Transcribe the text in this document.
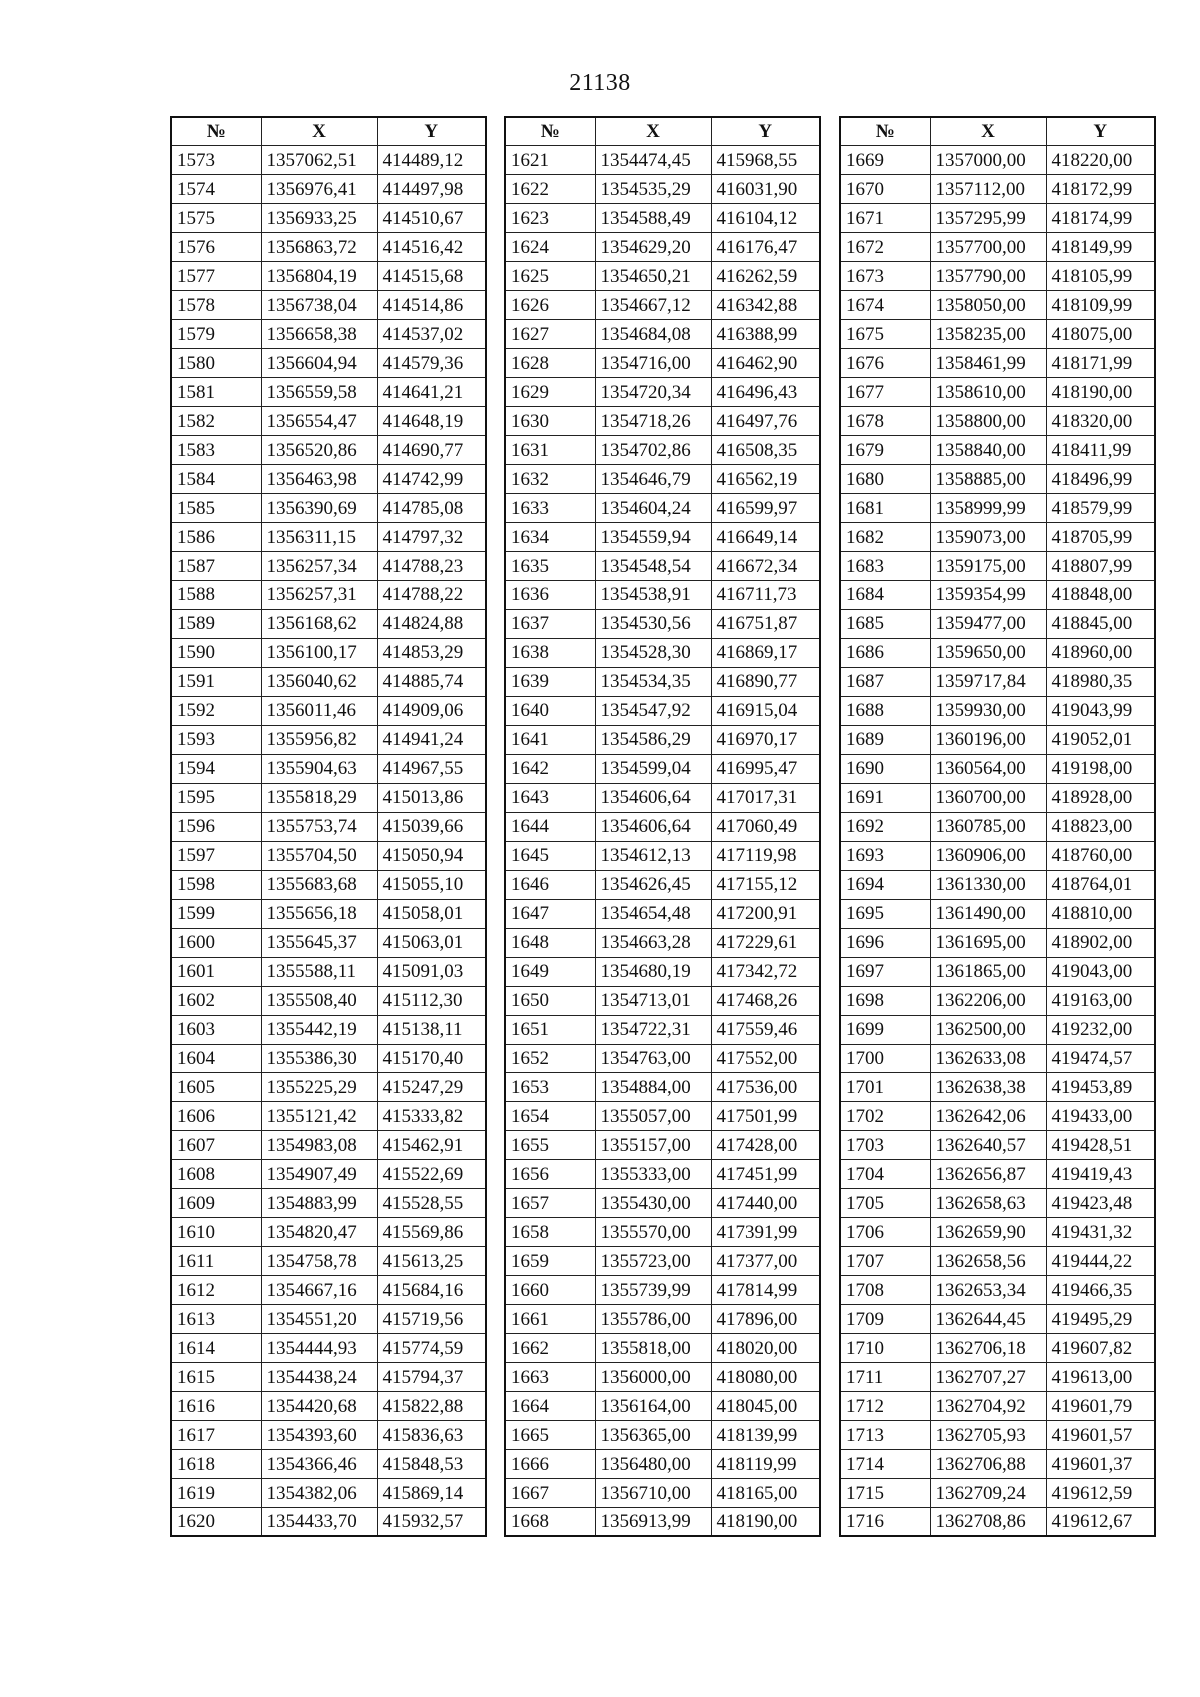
21138
№	X	Y
1573	1357062,51	414489,12
1574	1356976,41	414497,98
1575	1356933,25	414510,67
1576	1356863,72	414516,42
1577	1356804,19	414515,68
1578	1356738,04	414514,86
1579	1356658,38	414537,02
1580	1356604,94	414579,36
1581	1356559,58	414641,21
1582	1356554,47	414648,19
1583	1356520,86	414690,77
1584	1356463,98	414742,99
1585	1356390,69	414785,08
1586	1356311,15	414797,32
1587	1356257,34	414788,23
1588	1356257,31	414788,22
1589	1356168,62	414824,88
1590	1356100,17	414853,29
1591	1356040,62	414885,74
1592	1356011,46	414909,06
1593	1355956,82	414941,24
1594	1355904,63	414967,55
1595	1355818,29	415013,86
1596	1355753,74	415039,66
1597	1355704,50	415050,94
1598	1355683,68	415055,10
1599	1355656,18	415058,01
1600	1355645,37	415063,01
1601	1355588,11	415091,03
1602	1355508,40	415112,30
1603	1355442,19	415138,11
1604	1355386,30	415170,40
1605	1355225,29	415247,29
1606	1355121,42	415333,82
1607	1354983,08	415462,91
1608	1354907,49	415522,69
1609	1354883,99	415528,55
1610	1354820,47	415569,86
1611	1354758,78	415613,25
1612	1354667,16	415684,16
1613	1354551,20	415719,56
1614	1354444,93	415774,59
1615	1354438,24	415794,37
1616	1354420,68	415822,88
1617	1354393,60	415836,63
1618	1354366,46	415848,53
1619	1354382,06	415869,14
1620	1354433,70	415932,57
№	X	Y
1621	1354474,45	415968,55
1622	1354535,29	416031,90
1623	1354588,49	416104,12
1624	1354629,20	416176,47
1625	1354650,21	416262,59
1626	1354667,12	416342,88
1627	1354684,08	416388,99
1628	1354716,00	416462,90
1629	1354720,34	416496,43
1630	1354718,26	416497,76
1631	1354702,86	416508,35
1632	1354646,79	416562,19
1633	1354604,24	416599,97
1634	1354559,94	416649,14
1635	1354548,54	416672,34
1636	1354538,91	416711,73
1637	1354530,56	416751,87
1638	1354528,30	416869,17
1639	1354534,35	416890,77
1640	1354547,92	416915,04
1641	1354586,29	416970,17
1642	1354599,04	416995,47
1643	1354606,64	417017,31
1644	1354606,64	417060,49
1645	1354612,13	417119,98
1646	1354626,45	417155,12
1647	1354654,48	417200,91
1648	1354663,28	417229,61
1649	1354680,19	417342,72
1650	1354713,01	417468,26
1651	1354722,31	417559,46
1652	1354763,00	417552,00
1653	1354884,00	417536,00
1654	1355057,00	417501,99
1655	1355157,00	417428,00
1656	1355333,00	417451,99
1657	1355430,00	417440,00
1658	1355570,00	417391,99
1659	1355723,00	417377,00
1660	1355739,99	417814,99
1661	1355786,00	417896,00
1662	1355818,00	418020,00
1663	1356000,00	418080,00
1664	1356164,00	418045,00
1665	1356365,00	418139,99
1666	1356480,00	418119,99
1667	1356710,00	418165,00
1668	1356913,99	418190,00
№	X	Y
1669	1357000,00	418220,00
1670	1357112,00	418172,99
1671	1357295,99	418174,99
1672	1357700,00	418149,99
1673	1357790,00	418105,99
1674	1358050,00	418109,99
1675	1358235,00	418075,00
1676	1358461,99	418171,99
1677	1358610,00	418190,00
1678	1358800,00	418320,00
1679	1358840,00	418411,99
1680	1358885,00	418496,99
1681	1358999,99	418579,99
1682	1359073,00	418705,99
1683	1359175,00	418807,99
1684	1359354,99	418848,00
1685	1359477,00	418845,00
1686	1359650,00	418960,00
1687	1359717,84	418980,35
1688	1359930,00	419043,99
1689	1360196,00	419052,01
1690	1360564,00	419198,00
1691	1360700,00	418928,00
1692	1360785,00	418823,00
1693	1360906,00	418760,00
1694	1361330,00	418764,01
1695	1361490,00	418810,00
1696	1361695,00	418902,00
1697	1361865,00	419043,00
1698	1362206,00	419163,00
1699	1362500,00	419232,00
1700	1362633,08	419474,57
1701	1362638,38	419453,89
1702	1362642,06	419433,00
1703	1362640,57	419428,51
1704	1362656,87	419419,43
1705	1362658,63	419423,48
1706	1362659,90	419431,32
1707	1362658,56	419444,22
1708	1362653,34	419466,35
1709	1362644,45	419495,29
1710	1362706,18	419607,82
1711	1362707,27	419613,00
1712	1362704,92	419601,79
1713	1362705,93	419601,57
1714	1362706,88	419601,37
1715	1362709,24	419612,59
1716	1362708,86	419612,67
